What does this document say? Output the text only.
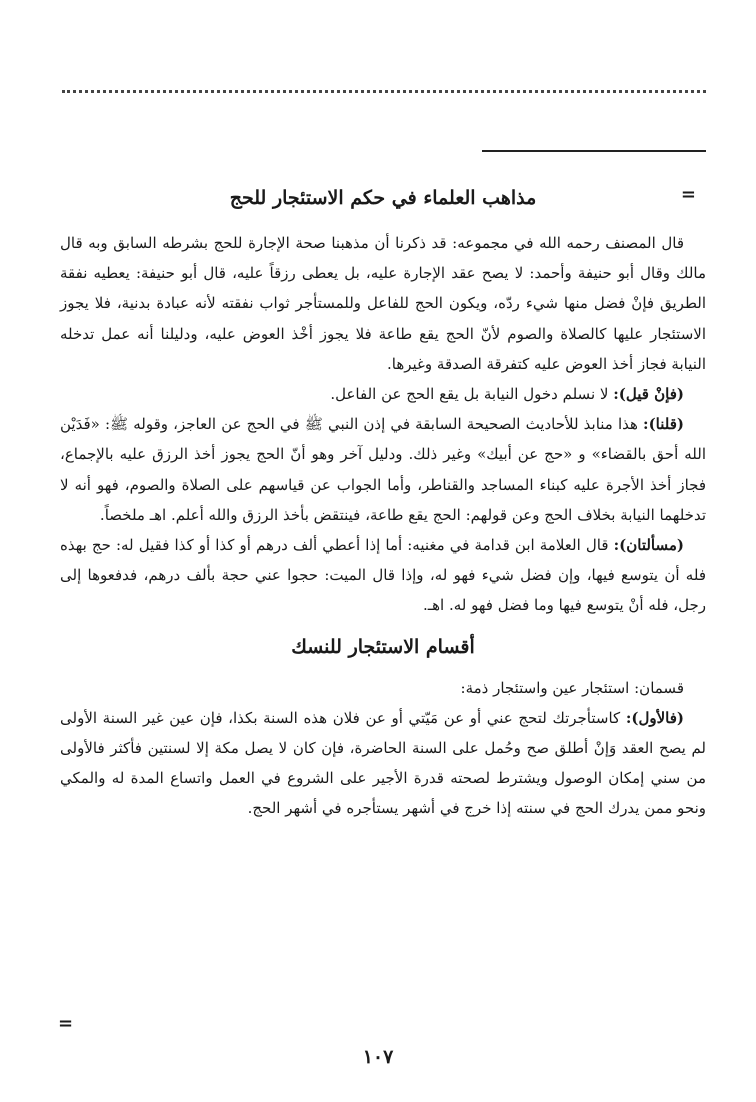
=
=
مذاهب العلماء في حكم الاستئجار للحج

قال المصنف رحمه الله في مجموعه: قد ذكرنا أن مذهبنا صحة الإجارة للحج بشرطه السابق وبه قال مالك وقال أبو حنيفة وأحمد: لا يصح عقد الإجارة عليه، بل يعطى رزقاً عليه، قال أبو حنيفة: يعطيه نفقة الطريق فإنْ فضل منها شيء ردّه، ويكون الحج للفاعل وللمستأجر ثواب نفقته لأنه عبادة بدنية، فلا يجوز الاستئجار عليها كالصلاة والصوم لأنّ الحج يقع طاعة فلا يجوز أخْذ العوض عليه، ودليلنا أنه عمل تدخله النيابة فجاز أخذ العوض عليه كتفرقة الصدقة وغيرها.

(فإنْ قيل): لا نسلم دخول النيابة بل يقع الحج عن الفاعل.

(قلنا): هذا منابذ للأحاديث الصحيحة السابقة في إذن النبي ﷺ في الحج عن العاجز، وقوله ﷺ: «فَدَيْن الله أحق بالقضاء» و «حج عن أبيك» وغير ذلك. ودليل آخر وهو أنّ الحج يجوز أخذ الرزق عليه بالإجماع، فجاز أخذ الأجرة عليه كبناء المساجد والقناطر، وأما الجواب عن قياسهم على الصلاة والصوم، فهو أنه لا تدخلهما النيابة بخلاف الحج وعن قولهم: الحج يقع طاعة، فينتقض بأخذ الرزق والله أعلم. اهـ ملخصاً.

(مسألتان): قال العلامة ابن قدامة في مغنيه: أما إذا أعطي ألف درهم أو كذا أو كذا فقيل له: حج بهذه فله أن يتوسع فيها، وإن فضل شيء فهو له، وإذا قال الميت: حجوا عني حجة بألف درهم، فدفعوها إلى رجل، فله أنْ يتوسع فيها وما فضل فهو له. اهـ.

أقسام الاستئجار للنسك

قسمان: استئجار عين واستئجار ذمة:

(فالأول): كاستأجرتك لتحج عني أو عن مَيّتي أو عن فلان هذه السنة بكذا، فإن عين غير السنة الأولى لم يصح العقد وَإنْ أطلق صح وحُمل على السنة الحاضرة، فإن كان لا يصل مكة إلا لسنتين فأكثر فالأولى من سني إمكان الوصول ويشترط لصحته قدرة الأجير على الشروع في العمل واتساع المدة له والمكي ونحو ممن يدرك الحج في سنته إذا خرج في أشهر يستأجره في أشهر الحج.

١٠٧
